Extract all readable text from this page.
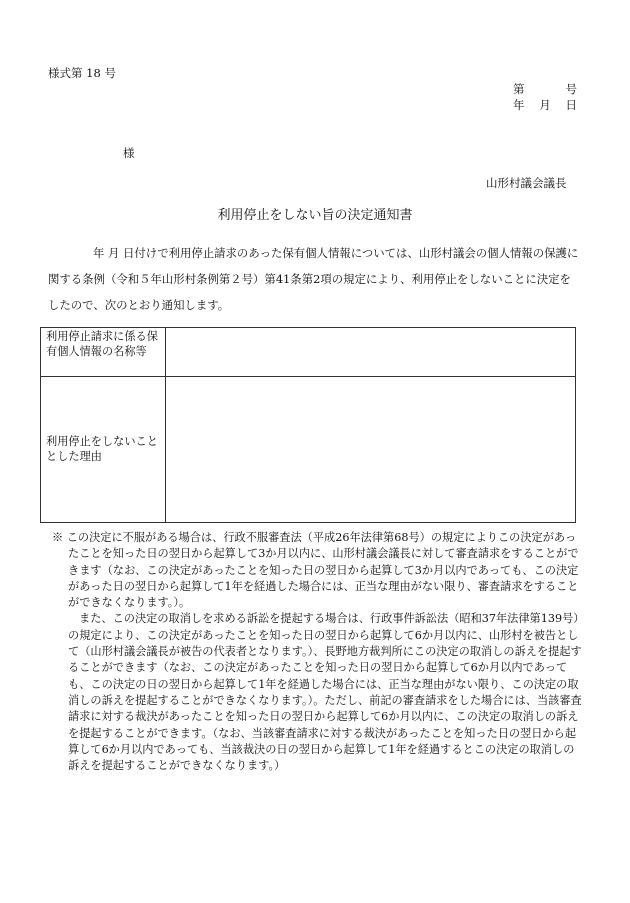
様式第 18 号
第	号
年 月 日
様
山形村議会議長
利用停止をしない旨の決定通知書
年 月 日付けで利用停止請求のあった保有個人情報については、山形村議会の個人情報の保護に関する条例（令和５年山形村条例第２号）第41条第2項の規定により、利用停止をしないことに決定をしたので、次のとおり通知します。
利用停止請求に係る保有個人情報の名称等	
利用停止をしないこととした理由	

※ この決定に不服がある場合は、行政不服審査法（平成26年法律第68号）の規定によりこの決定があったことを知った日の翌日から起算して3か月以内に、山形村議会議長に対して審査請求をすることができます（なお、この決定があったことを知った日の翌日から起算して3か月以内であっても、この決定があった日の翌日から起算して1年を経過した場合には、正当な理由がない限り、審査請求をすることができなくなります。）。

また、この決定の取消しを求める訴訟を提起する場合は、行政事件訴訟法（昭和37年法律第139号）の規定により、この決定があったことを知った日の翌日から起算して6か月以内に、山形村を被告として（山形村議会議長が被告の代表者となります。）、長野地方裁判所にこの決定の取消しの訴えを提起することができます（なお、この決定があったことを知った日の翌日から起算して6か月以内であっても、この決定の日の翌日から起算して1年を経過した場合には、正当な理由がない限り、この決定の取消しの訴えを提起することができなくなります。）。ただし、前記の審査請求をした場合には、当該審査請求に対する裁決があったことを知った日の翌日から起算して6か月以内に、この決定の取消しの訴えを提起することができます。（なお、当該審査請求に対する裁決があったことを知った日の翌日から起算して6か月以内であっても、当該裁決の日の翌日から起算して1年を経過するとこの決定の取消しの訴えを提起することができなくなります。）
